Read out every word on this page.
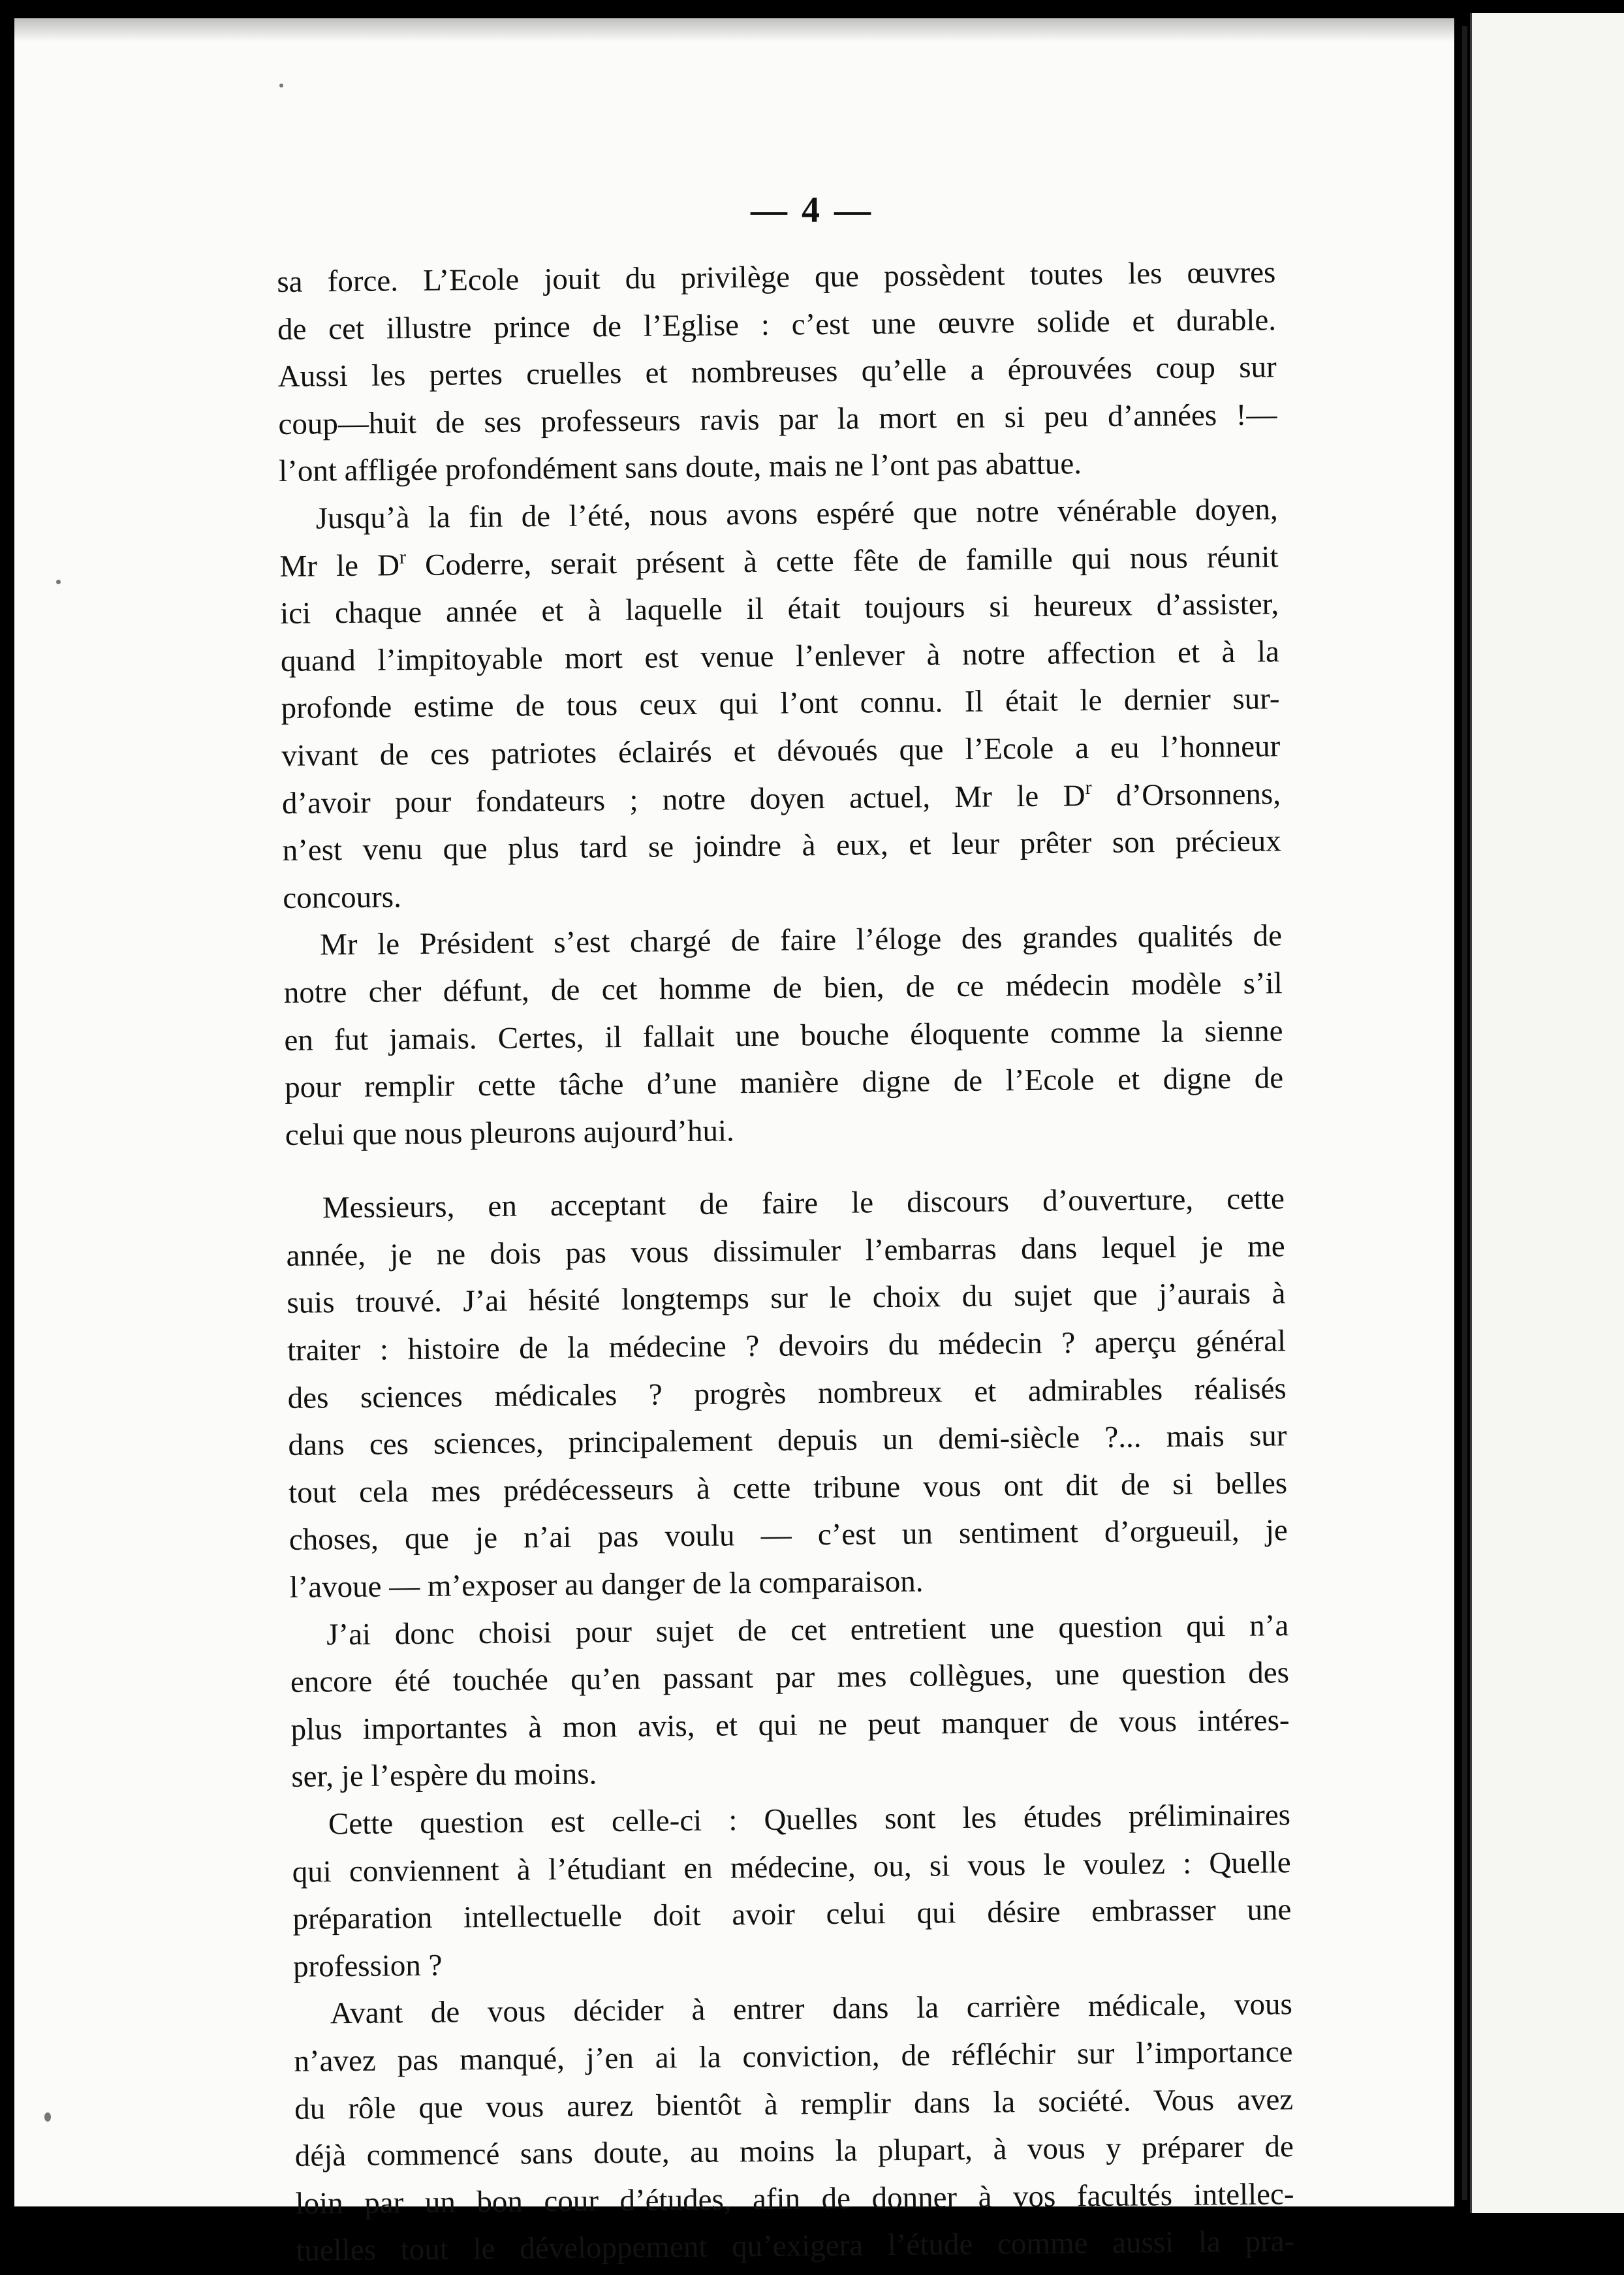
— 4 —
sa force. L’Ecole jouit du privilège que possèdent toutes les œuvres
de cet illustre prince de l’Eglise : c’est une œuvre solide et durable.
Aussi les pertes cruelles et nombreuses qu’elle a éprouvées coup sur
coup—huit de ses professeurs ravis par la mort en si peu d’années !—
l’ont affligée profondément sans doute, mais ne l’ont pas abattue.
Jusqu’à la fin de l’été, nous avons espéré que notre vénérable doyen,
Mr le $D^r$ Coderre, serait présent à cette fête de famille qui nous réunit
ici chaque année et à laquelle il était toujours si heureux d’assister,
quand l’impitoyable mort est venue l’enlever à notre affection et à la
profonde estime de tous ceux qui l’ont connu. Il était le dernier sur-
vivant de ces patriotes éclairés et dévoués que l’Ecole a eu l’honneur
d’avoir pour fondateurs ; notre doyen actuel, Mr le $D^r$ d’Orsonnens,
n’est venu que plus tard se joindre à eux, et leur prêter son précieux
concours.
Mr le Président s’est chargé de faire l’éloge des grandes qualités de
notre cher défunt, de cet homme de bien, de ce médecin modèle s’il
en fut jamais. Certes, il fallait une bouche éloquente comme la sienne
pour remplir cette tâche d’une manière digne de l’Ecole et digne de
celui que nous pleurons aujourd’hui.
Messieurs, en acceptant de faire le discours d’ouverture, cette
année, je ne dois pas vous dissimuler l’embarras dans lequel je me
suis trouvé. J’ai hésité longtemps sur le choix du sujet que j’aurais à
traiter : histoire de la médecine ? devoirs du médecin ? aperçu général
des sciences médicales ? progrès nombreux et admirables réalisés
dans ces sciences, principalement depuis un demi-siècle ?... mais sur
tout cela mes prédécesseurs à cette tribune vous ont dit de si belles
choses, que je n’ai pas voulu — c’est un sentiment d’orgueuil, je
l’avoue — m’exposer au danger de la comparaison.
J’ai donc choisi pour sujet de cet entretient une question qui n’a
encore été touchée qu’en passant par mes collègues, une question des
plus importantes à mon avis, et qui ne peut manquer de vous intéres-
ser, je l’espère du moins.
Cette question est celle-ci : Quelles sont les études préliminaires
qui conviennent à l’étudiant en médecine, ou, si vous le voulez : Quelle
préparation intellectuelle doit avoir celui qui désire embrasser une
profession ?
Avant de vous décider à entrer dans la carrière médicale, vous
n’avez pas manqué, j’en ai la conviction, de réfléchir sur l’importance
du rôle que vous aurez bientôt à remplir dans la société. Vous avez
déjà commencé sans doute, au moins la plupart, à vous y préparer de
loin par un bon cour d’études, afin de donner à vos facultés intellec-
tuelles tout le développement qu’exigera l’étude comme aussi la pra-
